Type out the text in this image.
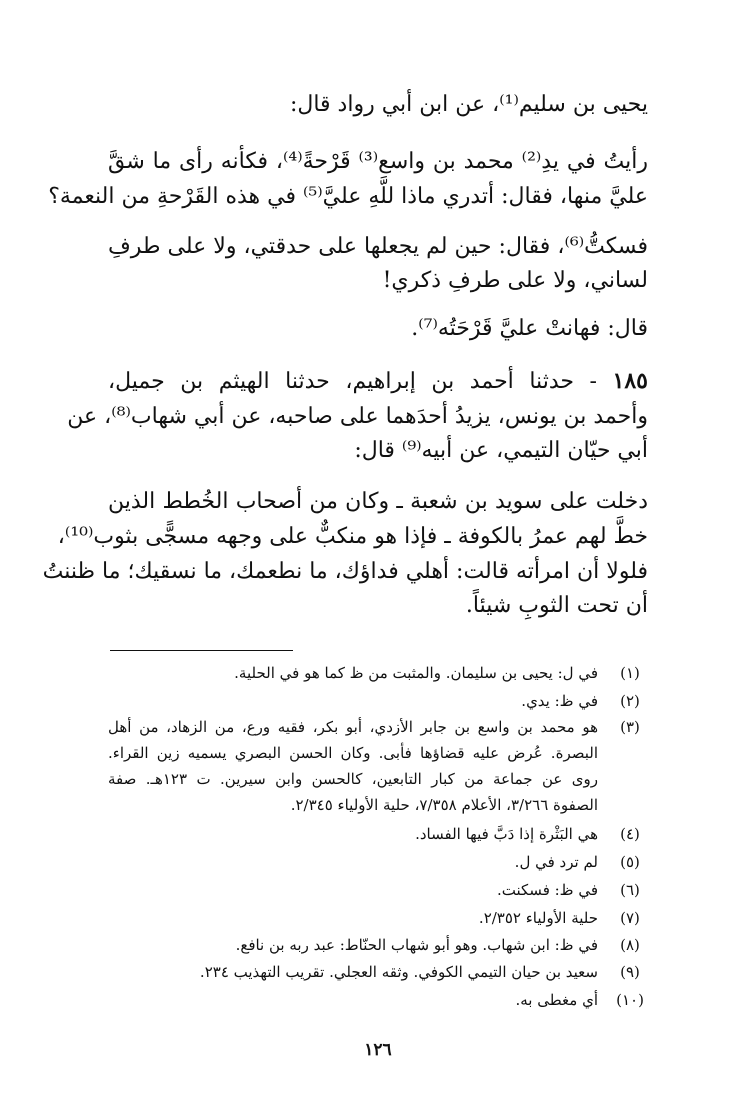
يحيى بن سليم⁽¹⁾، عن ابن أبي رواد قال:
رأيتُ في يدِ⁽²⁾ محمد بن واسع⁽³⁾ قَرْحةً⁽⁴⁾، فكأنه رأى ما شقَّ
عليَّ منها، فقال: أتدري ماذا للَّهِ عليَّ⁽⁵⁾ في هذه القَرْحةِ من النعمة؟
فسكتُّ⁽⁶⁾، فقال: حين لم يجعلها على حدقتي، ولا على طرفِ
لساني، ولا على طرفِ ذكري!
قال: فهانتْ عليَّ قَرْحَتُه⁽⁷⁾.
١٨٥ - حدثنا أحمد بن إبراهيم، حدثنا الهيثم بن جميل،
وأحمد بن يونس، يزيدُ أحدَهما على صاحبه، عن أبي شهاب⁽⁸⁾، عن
أبي حيّان التيمي، عن أبيه⁽⁹⁾ قال:
دخلت على سويد بن شعبة ـ وكان من أصحاب الخُطط الذين
خطَّ لهم عمرُ بالكوفة ـ فإذا هو منكبٌّ على وجهه مسجًّى بثوب⁽¹⁰⁾،
فلولا أن امرأته قالت: أهلي فداؤك، ما نطعمك، ما نسقيك؛ ما ظننتُ
أن تحت الثوبِ شيئاً.
(١)
في ل: يحيى بن سليمان. والمثبت من ظ كما هو في الحلية.
(٢)
في ظ: يدي.
(٣)
هو محمد بن واسع بن جابر الأزدي، أبو بكر، فقيه ورع، من الزهاد، من أهل
البصرة. عُرض عليه قضاؤها فأبى. وكان الحسن البصري يسميه زين القراء.
روى عن جماعة من كبار التابعين، كالحسن وابن سيرين. ت ١٢٣هـ. صفة
الصفوة ٣/٢٦٦، الأعلام ٧/٣٥٨، حلية الأولياء ٢/٣٤٥.
(٤)
هي البَثْرة إذا دَبَّ فيها الفساد.
(٥)
لم ترد في ل.
(٦)
في ظ: فسكنت.
(٧)
حلية الأولياء ٢/٣٥٢.
(٨)
في ظ: ابن شهاب. وهو أبو شهاب الحنّاط: عبد ربه بن نافع.
(٩)
سعيد بن حيان التيمي الكوفي. وثقه العجلي. تقريب التهذيب ٢٣٤.
(١٠)
أي مغطى به.
١٢٦
